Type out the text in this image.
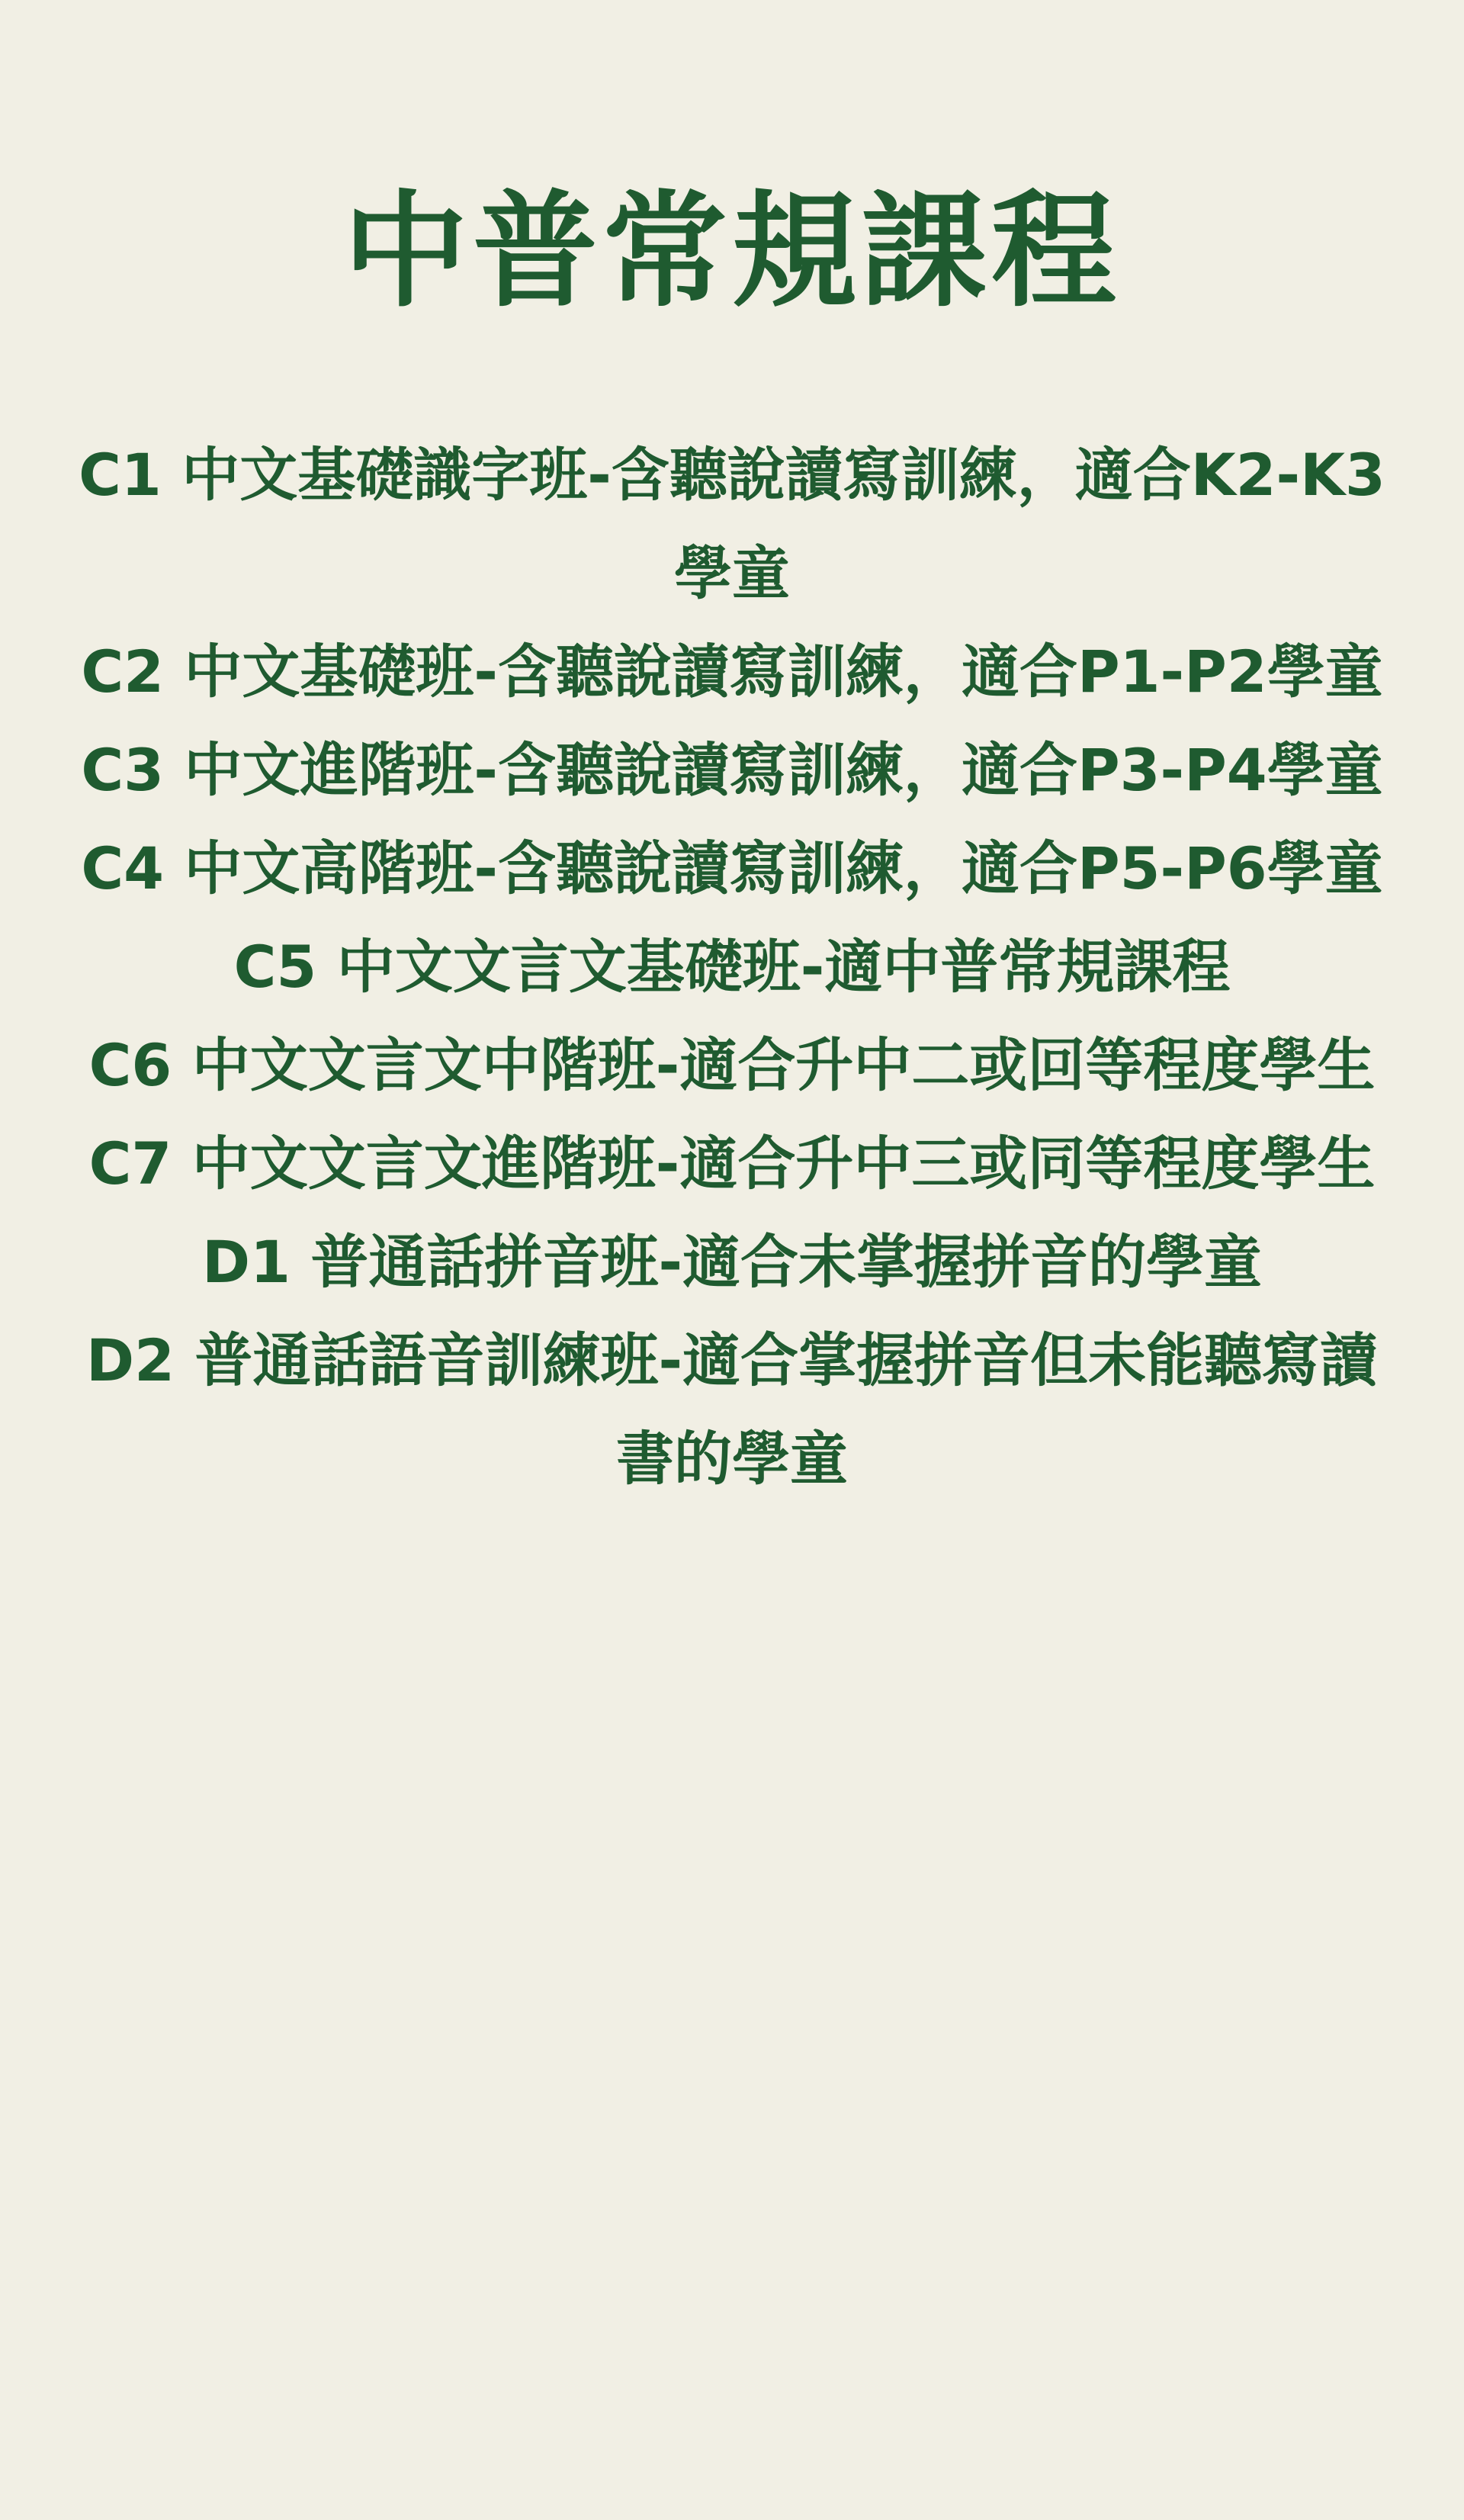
中普常規課程
C1 中文基礎識字班-含聽說讀寫訓練，適合K2-K3學童
C2 中文基礎班-含聽說讀寫訓練，適合P1-P2學童
C3 中文進階班-含聽說讀寫訓練，適合P3-P4學童
C4 中文高階班-含聽說讀寫訓練，適合P5-P6學童
C5 中文文言文基礎班-適中普常規課程
C6 中文文言文中階班-適合升中二或回等程度學生
C7 中文文言文進階班-適合升中三或同等程度學生
D1 普通話拼音班-適合未掌握拼音的學童
D2 普通話語音訓練班-適合掌握拼音但未能聽寫讀書的學童
